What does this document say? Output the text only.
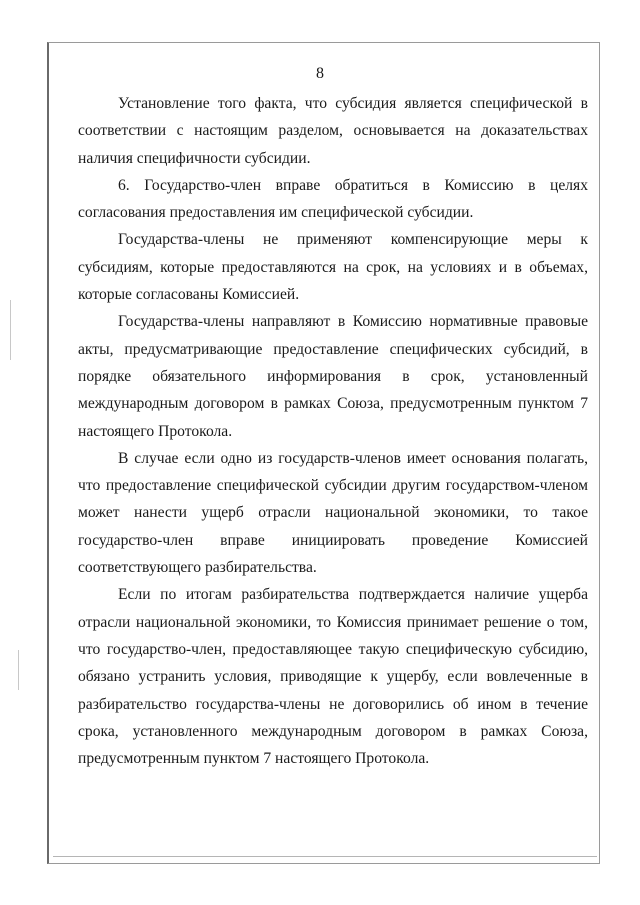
8

Установление того факта, что субсидия является специфической в соответствии с настоящим разделом, основывается на доказательствах наличия специфичности субсидии.

6. Государство-член вправе обратиться в Комиссию в целях согласования предоставления им специфической субсидии.

Государства-члены не применяют компенсирующие меры к субсидиям, которые предоставляются на срок, на условиях и в объемах, которые согласованы Комиссией.

Государства-члены направляют в Комиссию нормативные правовые акты, предусматривающие предоставление специфических субсидий, в порядке обязательного информирования в срок, установленный международным договором в рамках Союза, предусмотренным пунктом 7 настоящего Протокола.

В случае если одно из государств-членов имеет основания полагать, что предоставление специфической субсидии другим государством-членом может нанести ущерб отрасли национальной экономики, то такое государство-член вправе инициировать проведение Комиссией соответствующего разбирательства.

Если по итогам разбирательства подтверждается наличие ущерба отрасли национальной экономики, то Комиссия принимает решение о том, что государство-член, предоставляющее такую специфическую субсидию, обязано устранить условия, приводящие к ущербу, если вовлеченные в разбирательство государства-члены не договорились об ином в течение срока, установленного международным договором в рамках Союза, предусмотренным пунктом 7 настоящего Протокола.
